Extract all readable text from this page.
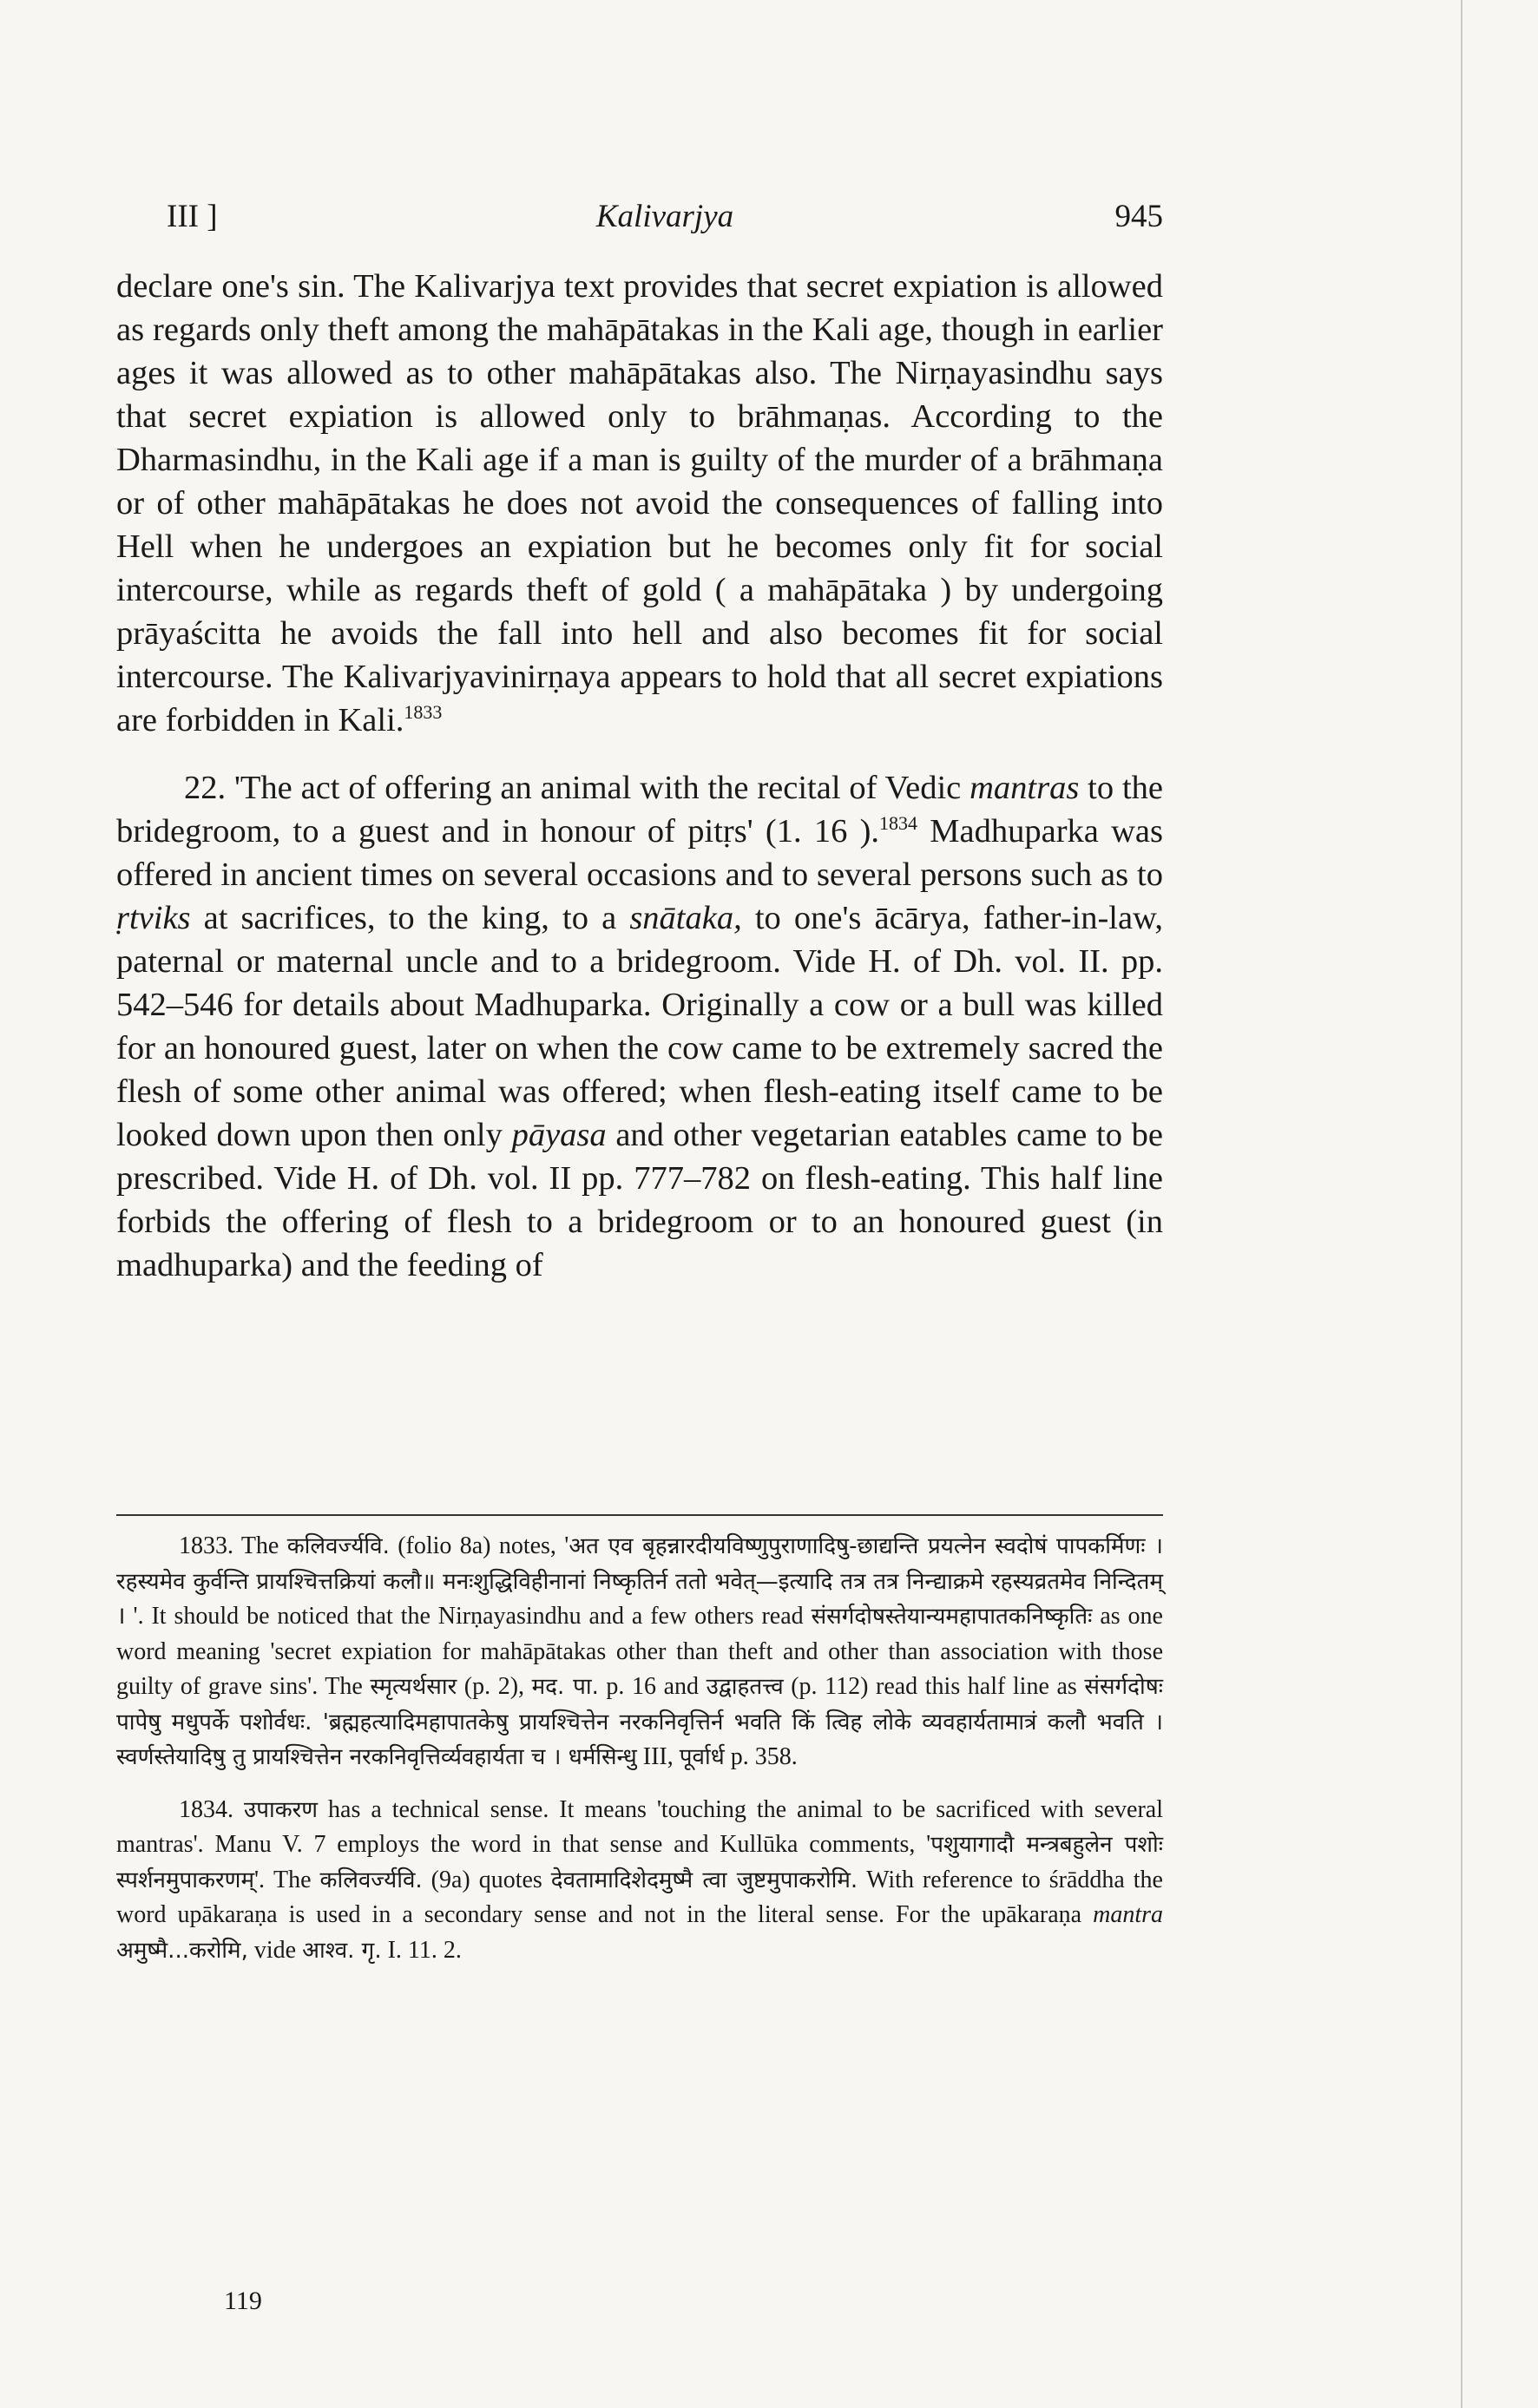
III ]	Kalivarjya	945

declare one's sin. The Kalivarjya text provides that secret expiation is allowed as regards only theft among the mahāpātakas in the Kali age, though in earlier ages it was allowed as to other mahāpātakas also. The Nirṇayasindhu says that secret expiation is allowed only to brāhmaṇas. According to the Dharmasindhu, in the Kali age if a man is guilty of the murder of a brāhmaṇa or of other mahāpātakas he does not avoid the consequences of falling into Hell when he undergoes an expiation but he becomes only fit for social intercourse, while as regards theft of gold ( a mahāpātaka ) by undergoing prāyaścitta he avoids the fall into hell and also becomes fit for social intercourse. The Kalivarjyavinirṇaya appears to hold that all secret expiations are forbidden in Kali.$^{1833}$

22. 'The act of offering an animal with the recital of Vedic mantras to the bridegroom, to a guest and in honour of pitṛs' (1. 16 ).$^{1834}$ Madhuparka was offered in ancient times on several occasions and to several persons such as to ṛtviks at sacrifices, to the king, to a snātaka, to one's ācārya, father-in-law, paternal or maternal uncle and to a bridegroom. Vide H. of Dh. vol. II. pp. 542–546 for details about Madhuparka. Originally a cow or a bull was killed for an honoured guest, later on when the cow came to be extremely sacred the flesh of some other animal was offered; when flesh-eating itself came to be looked down upon then only pāyasa and other vegetarian eatables came to be prescribed. Vide H. of Dh. vol. II pp. 777–782 on flesh-eating. This half line forbids the offering of flesh to a bridegroom or to an honoured guest (in madhuparka) and the feeding of

1833. The कलिवर्ज्यवि. (folio 8a) notes, 'अत एव बृहन्नारदीयविष्णुपुराणादिषु-छाद्यन्ति प्रयत्नेन स्वदोषं पापकर्मिणः । रहस्यमेव कुर्वन्ति प्रायश्चित्तक्रियां कलौ॥ मनःशुद्धिविहीनानां निष्कृतिर्न ततो भवेत्—इत्यादि तत्र तत्र निन्द्याक्रमे रहस्यव्रतमेव निन्दितम् । '. It should be noticed that the Nirṇayasindhu and a few others read संसर्गदोषस्तेयान्यमहापातकनिष्कृतिः as one word meaning 'secret expiation for mahāpātakas other than theft and other than association with those guilty of grave sins'. The स्मृत्यर्थसार (p. 2), मद. पा. p. 16 and उद्वाहतत्त्व (p. 112) read this half line as संसर्गदोषः पापेषु मधुपर्के पशोर्वधः. 'ब्रह्महत्यादिमहापातकेषु प्रायश्चित्तेन नरकनिवृत्तिर्न भवति किं त्विह लोके व्यवहार्यतामात्रं कलौ भवति । स्वर्णस्तेयादिषु तु प्रायश्चित्तेन नरकनिवृत्तिर्व्यवहार्यता च । धर्मसिन्धु III, पूर्वार्ध p. 358.

1834. उपाकरण has a technical sense. It means 'touching the animal to be sacrificed with several mantras'. Manu V. 7 employs the word in that sense and Kullūka comments, 'पशुयागादौ मन्त्रबहुलेन पशोः स्पर्शनमुपाकरणम्'. The कलिवर्ज्यवि. (9a) quotes देवतामादिशेदमुष्मै त्वा जुष्टमुपाकरोमि. With reference to śrāddha the word upākaraṇa is used in a secondary sense and not in the literal sense. For the upākaraṇa mantra अमुष्मै...करोमि, vide आश्व. गृ. I. 11. 2.

119
